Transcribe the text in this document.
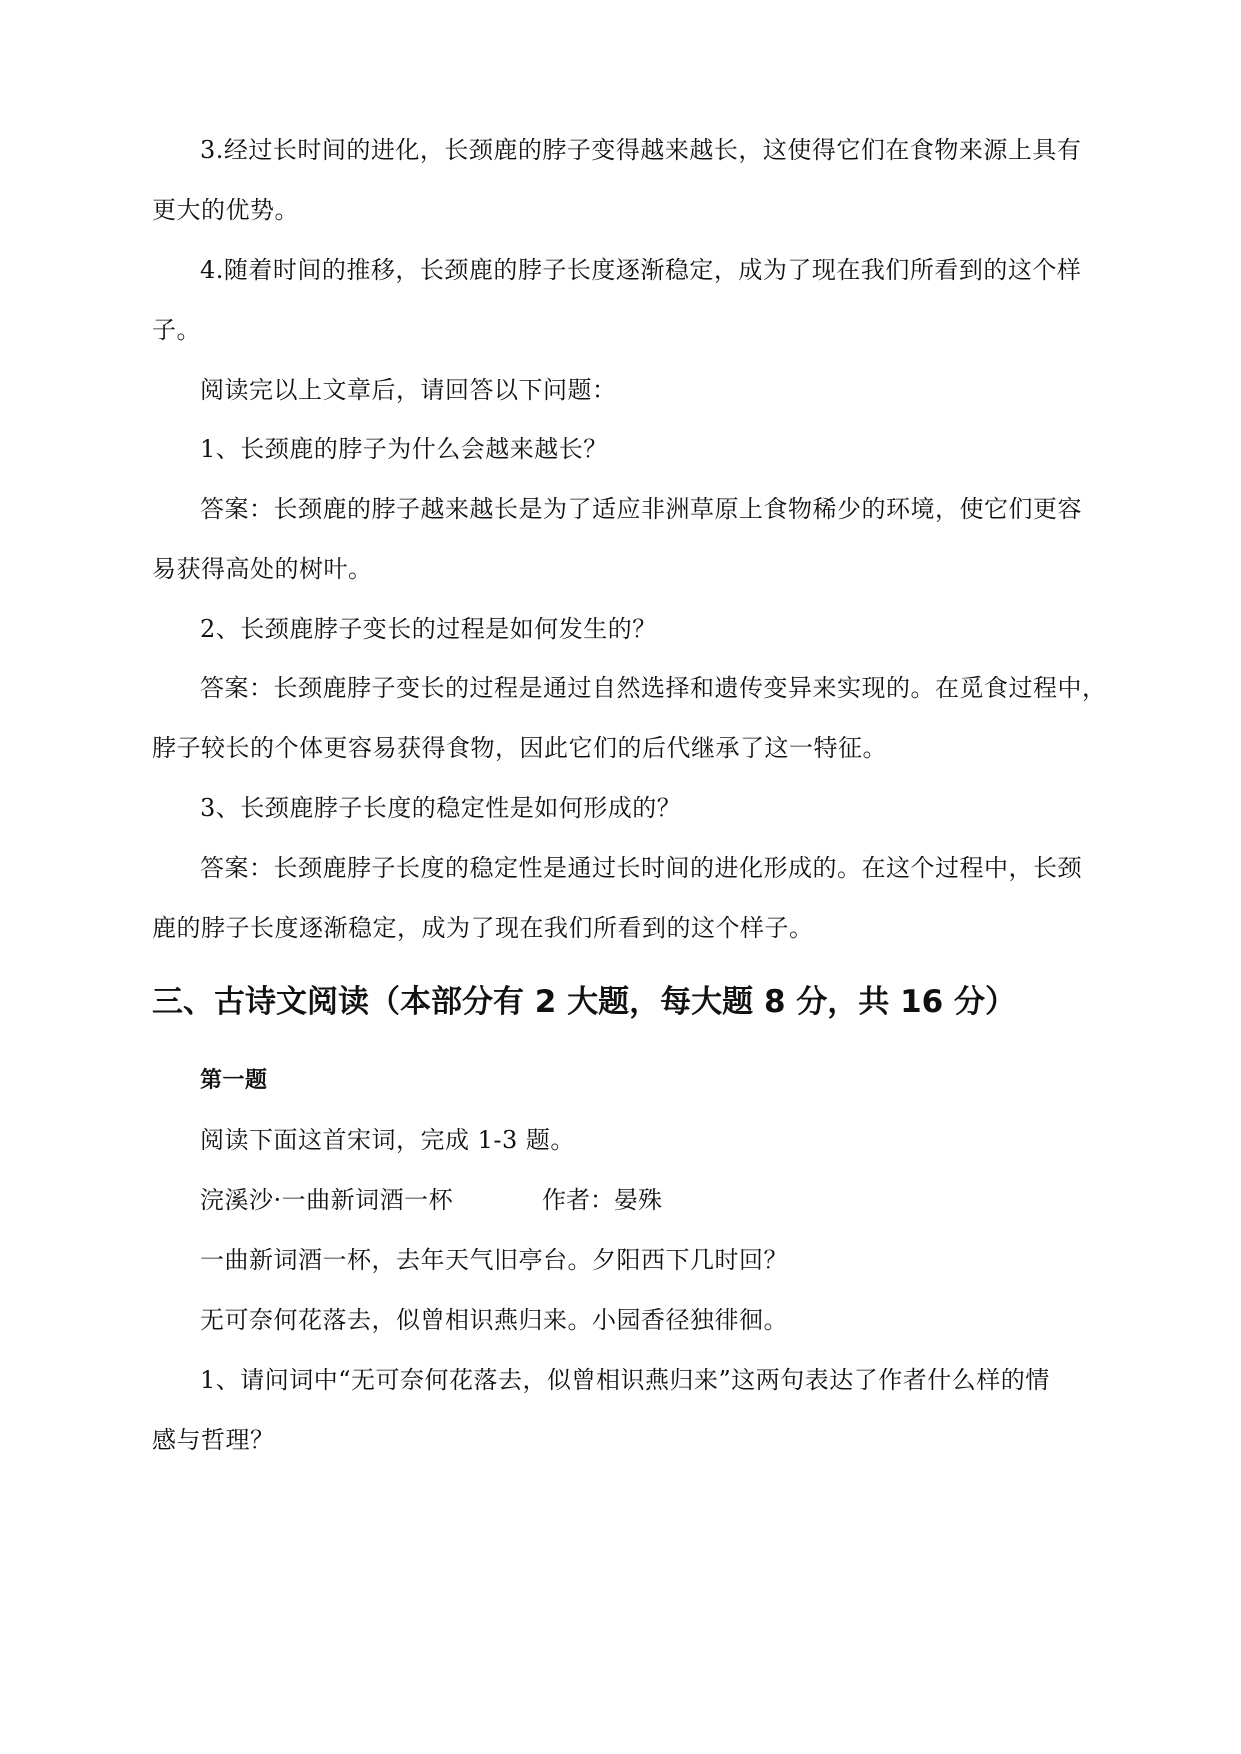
3.经过长时间的进化，长颈鹿的脖子变得越来越长，这使得它们在食物来源上具有
更大的优势。
4.随着时间的推移，长颈鹿的脖子长度逐渐稳定，成为了现在我们所看到的这个样
子。
阅读完以上文章后，请回答以下问题：
1、长颈鹿的脖子为什么会越来越长？
答案：长颈鹿的脖子越来越长是为了适应非洲草原上食物稀少的环境，使它们更容
易获得高处的树叶。
2、长颈鹿脖子变长的过程是如何发生的？
答案：长颈鹿脖子变长的过程是通过自然选择和遗传变异来实现的。在觅食过程中，
脖子较长的个体更容易获得食物，因此它们的后代继承了这一特征。
3、长颈鹿脖子长度的稳定性是如何形成的？
答案：长颈鹿脖子长度的稳定性是通过长时间的进化形成的。在这个过程中，长颈
鹿的脖子长度逐渐稳定，成为了现在我们所看到的这个样子。
三、古诗文阅读（本部分有 2 大题，每大题 8 分，共 16 分）
第一题
阅读下面这首宋词，完成 1-3 题。
浣溪沙·一曲新词酒一杯	作者：晏殊
一曲新词酒一杯，去年天气旧亭台。夕阳西下几时回？
无可奈何花落去，似曾相识燕归来。小园香径独徘徊。
1、请问词中“无可奈何花落去，似曾相识燕归来”这两句表达了作者什么样的情
感与哲理？
